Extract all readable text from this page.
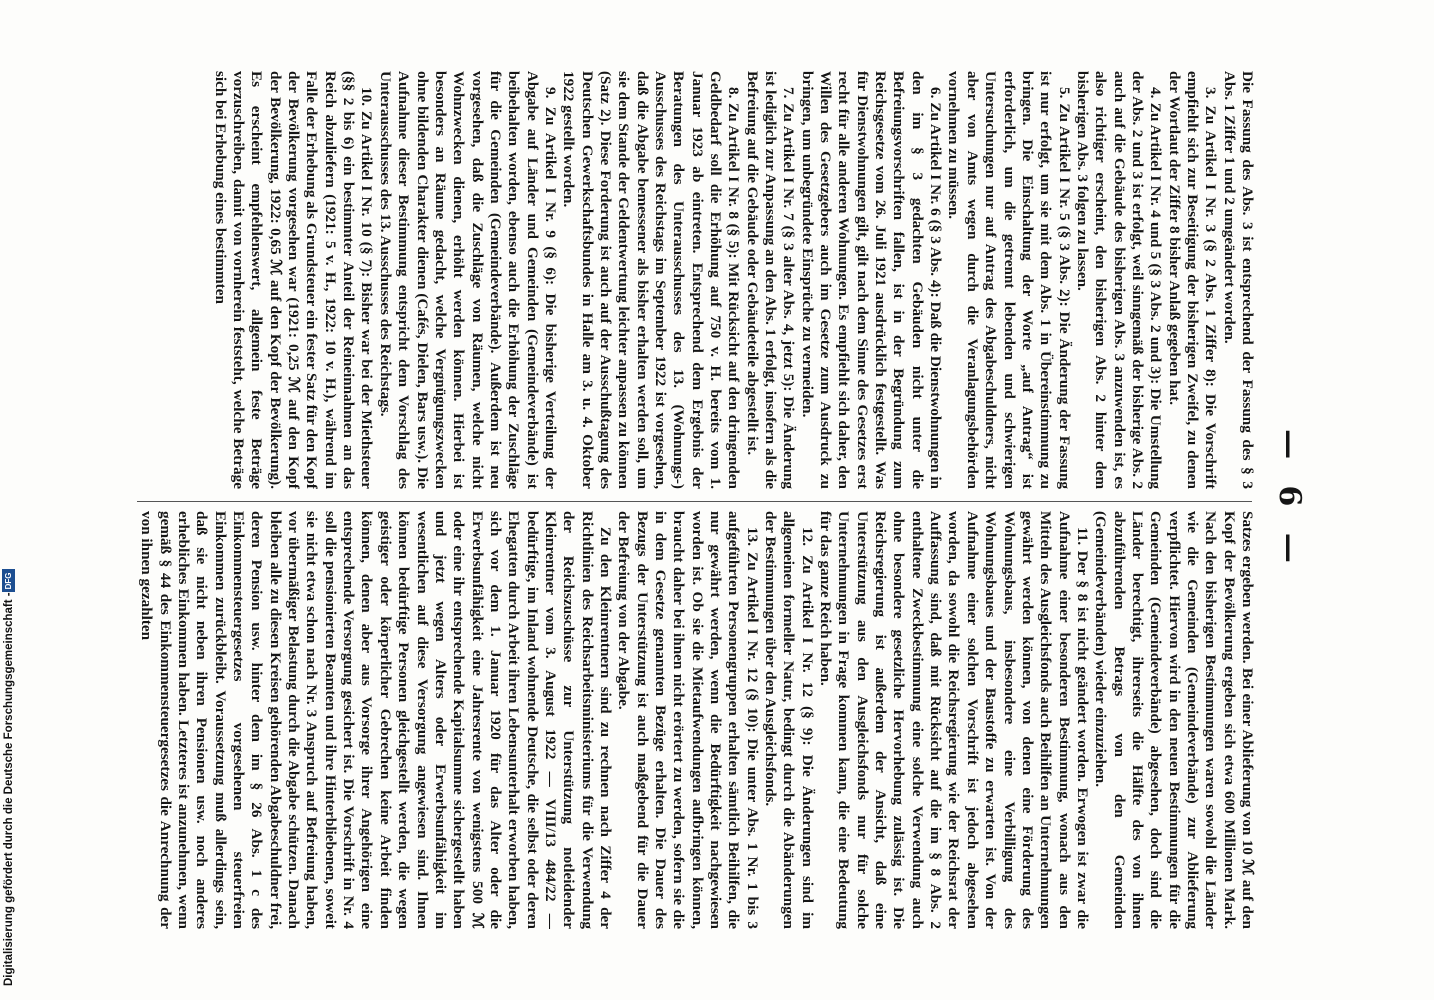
— 6 —

Die Fassung des Abs. 3 ist entsprechend der Fassung des § 3 Abs. 1 Ziffer 1 und 2 umgeändert worden.

3. Zu Artikel I Nr. 3 (§ 2 Abs. 1 Ziffer 8): Die Vorschrift empfiehlt sich zur Beseitigung der bisherigen Zweifel, zu denen der Wortlaut der Ziffer 8 bisher Anlaß gegeben hat.

4. Zu Artikel I Nr. 4 und 5 (§ 3 Abs. 2 und 3): Die Umstellung der Abs. 2 und 3 ist erfolgt, weil sinngemäß der bisherige Abs. 2 auch auf die Gebäude des bisherigen Abs. 3 anzuwenden ist, es also richtiger erscheint, den bisherigen Abs. 2 hinter dem bisherigen Abs. 3 folgen zu lassen.

5. Zu Artikel I Nr. 5 (§ 3 Abs. 2): Die Änderung der Fassung ist nur erfolgt, um sie mit dem Abs. 1 in Übereinstimmung zu bringen. Die Einschaltung der Worte „auf Antrag“ ist erforderlich, um die getrennt lebenden und schwierigen Untersuchungen nur auf Antrag des Abgabeschuldners, nicht aber von Amts wegen durch die Veranlagungsbehörden vornehmen zu müssen.

6. Zu Artikel I Nr. 6 (§ 3 Abs. 4): Daß die Dienstwohnungen in den im § 3 gedachten Gebäuden nicht unter die Befreiungsvorschriften fallen, ist in der Begründung zum Reichsgesetze vom 26. Juli 1921 ausdrücklich festgestellt. Was für Dienstwohnungen gilt, gilt nach dem Sinne des Gesetzes erst recht für alle anderen Wohnungen. Es empfiehlt sich daher, den Willen des Gesetzgebers auch im Gesetze zum Ausdruck zu bringen, um unbegründete Einsprüche zu vermeiden.

7. Zu Artikel I Nr. 7 (§ 3 alter Abs. 4, jetzt 5): Die Änderung ist lediglich zur Anpassung an den Abs. 1 erfolgt, insofern als die Befreiung auf die Gebäude oder Gebäudeteile abgestellt ist.

8. Zu Artikel I Nr. 8 (§ 5): Mit Rücksicht auf den dringenden Geldbedarf soll die Erhöhung auf 750 v. H. bereits vom 1. Januar 1923 ab eintreten. Entsprechend dem Ergebnis der Beratungen des Unterausschusses des 13. (Wohnungs-) Ausschusses des Reichstags im September 1922 ist vorgesehen, daß die Abgabe bemessener als bisher erhalten werden soll, um sie dem Stande der Geldentwertung leichter anpassen zu können (Satz 2). Diese Forderung ist auch auf der Ausschußtagung des Deutschen Gewerkschaftsbundes in Halle am 3. u. 4. Oktober 1922 gestellt worden.

9. Zu Artikel I Nr. 9 (§ 6): Die bisherige Verteilung der Abgabe auf Länder und Gemeinden (Gemeindeverbände) ist beibehalten worden, ebenso auch die Erhöhung der Zuschläge für die Gemeinden (Gemeindeverbände). Außerdem ist neu vorgesehen, daß die Zuschläge von Räumen, welche nicht Wohnzwecken dienen, erhöht werden können. Hierbei ist besonders an Räume gedacht, welche Vergnügungszwecken ohne bildenden Charakter dienen (Cafés, Dielen, Bars usw.). Die Aufnahme dieser Bestimmung entspricht dem Vorschlag des Unterausschusses des 13. Ausschusses des Reichstags.

10. Zu Artikel I Nr. 10 (§ 7): Bisher war bei der Miethsteuer (§§ 2 bis 6) ein bestimmter Anteil der Reineinnahmen an das Reich abzuliefern (1921: 5 v. H., 1922: 10 v. H.), während im Falle der Erhebung als Grundsteuer ein fester Satz für den Kopf der Bevölkerung vorgesehen war (1921: 0,25 ℳ auf den Kopf der Bevölkerung, 1922: 0,65 ℳ auf den Kopf der Bevölkerung). Es erscheint empfehlenswert, allgemein feste Beträge vorzuschreiben, damit von vornherein feststeht, welche Beträge sich bei Erhebung eines bestimmten

Satzes ergeben werden. Bei einer Ablieferung von 10 ℳ auf den Kopf der Bevölkerung ergeben sich etwa 600 Millionen Mark. Nach den bisherigen Bestimmungen waren sowohl die Länder wie die Gemeinden (Gemeindeverbände) zur Ablieferung verpflichtet. Hiervon wird in den neuen Bestimmungen für die Gemeinden (Gemeindeverbände) abgesehen, doch sind die Länder berechtigt, ihrerseits die Hälfte des von ihnen abzuführenden Betrags von den Gemeinden (Gemeindeverbänden) wieder einzuziehen.

11. Der § 8 ist nicht geändert worden. Erwogen ist zwar die Aufnahme einer besonderen Bestimmung, wonach aus den Mitteln des Ausgleichsfonds auch Beihilfen an Unternehmungen gewährt werden können, von denen eine Förderung des Wohnungsbaus, insbesondere eine Verbilligung des Wohnungsbaues und der Baustoffe zu erwarten ist. Von der Aufnahme einer solchen Vorschrift ist jedoch abgesehen worden, da sowohl die Reichsregierung wie der Reichsrat der Auffassung sind, daß mit Rücksicht auf die im § 8 Abs. 2 enthaltene Zweckbestimmung eine solche Verwendung auch ohne besondere gesetzliche Hervorhebung zulässig ist. Die Reichsregierung ist außerdem der Ansicht, daß eine Unterstützung aus den Ausgleichsfonds nur für solche Unternehmungen in Frage kommen kann, die eine Bedeutung für das ganze Reich haben.

12. Zu Artikel I Nr. 12 (§ 9): Die Änderungen sind im allgemeinen formeller Natur, bedingt durch die Abänderungen der Bestimmungen über den Ausgleichsfonds.

13. Zu Artikel I Nr. 12 (§ 10): Die unter Abs. 1 Nr. 1 bis 3 aufgeführten Personengruppen erhalten sämtlich Beihilfen, die nur gewährt werden, wenn die Bedürftigkeit nachgewiesen worden ist. Ob sie die Mietaufwendungen aufbringen können, braucht daher bei ihnen nicht erörtert zu werden, sofern sie die in dem Gesetze genannten Bezüge erhalten. Die Dauer des Bezugs der Unterstützung ist auch maßgebend für die Dauer der Befreiung von der Abgabe.

Zu den Kleinrentnern sind zu rechnen nach Ziffer 4 der Richtlinien des Reichsarbeitsministeriums für die Verwendung der Reichszuschüsse zur Unterstützung notleidender Kleinrentner vom 3. August 1922 — VIII/13 484/22 — bedürftige, im Inland wohnende Deutsche, die selbst oder deren Ehegatten durch Arbeit ihren Lebensunterhalt erworben haben, sich vor dem 1. Januar 1920 für das Alter oder die Erwerbsunfähigkeit eine Jahresrente von wenigstens 500 ℳ oder eine ihr entsprechende Kapitalsumme sichergestellt haben und jetzt wegen Alters oder Erwerbsunfähigkeit im wesentlichen auf diese Versorgung angewiesen sind. Ihnen können bedürftige Personen gleichgestellt werden, die wegen geistiger oder körperlicher Gebrechen keine Arbeit finden können, denen aber aus Vorsorge ihrer Angehörigen eine entsprechende Versorgung gesichert ist. Die Vorschrift in Nr. 4 soll die pensionierten Beamten und ihre Hinterbliebenen, soweit sie nicht etwa schon nach Nr. 3 Anspruch auf Befreiung haben, vor übermäßiger Belastung durch die Abgabe schützen. Danach bleiben alle zu diesen Kreisen gehörenden Abgabeschuldner frei, deren Pension usw. hinter dem im § 26 Abs. 1 c des Einkommensteuergesetzes vorgesehenen steuerfreien Einkommen zurückbleibt. Voraussetzung muß allerdings sein, daß sie nicht neben ihren Pensionen usw. noch anderes erhebliches Einkommen haben. Letzteres ist anzunehmen, wenn gemäß § 44 des Einkommensteuergesetzes die Anrechnung der von ihnen gezahlten

Digitalisierung gefördert durch die Deutsche Forschungsgemeinschaft -
DFG
